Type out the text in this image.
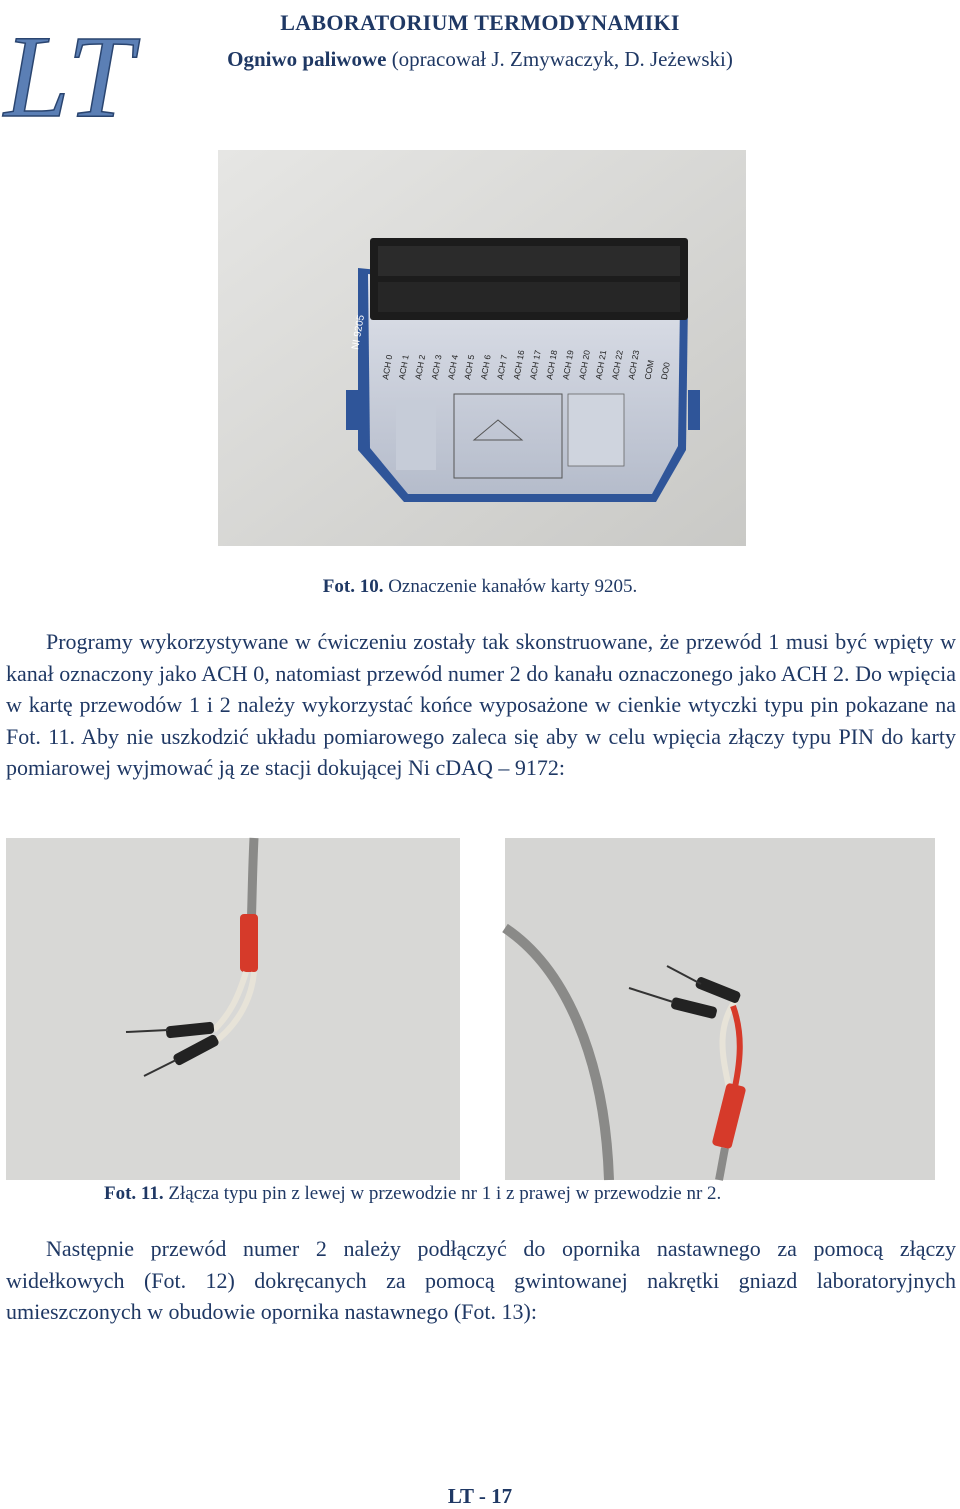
LT	LABORATORIUM TERMODYNAMIKI
Ogniwo paliwowe (opracował J. Zmywaczyk, D. Jeżewski)
ACH 0 ACH 1 ACH 2 ACH 3 ACH 4 ACH 5 ACH 6 ACH 7 ACH 16 ACH 17 ACH 18 ACH 19 ACH 20 ACH 21 ACH 22 ACH 23 COM DO0
NI 9205
Fot. 10. Oznaczenie kanałów karty 9205.

Programy wykorzystywane w ćwiczeniu zostały tak skonstruowane, że przewód 1 musi być wpięty w kanał oznaczony jako ACH 0, natomiast przewód numer 2 do kanału oznaczonego jako ACH 2. Do wpięcia w kartę przewodów 1 i 2 należy wykorzystać końce wyposażone w cienkie wtyczki typu pin pokazane na Fot. 11. Aby nie uszkodzić układu pomiarowego zaleca się aby w celu wpięcia złączy typu PIN do karty pomiarowej wyjmować ją ze stacji dokującej Ni cDAQ – 9172:

Fot. 11. Złącza typu pin z lewej w przewodzie nr 1 i z prawej w przewodzie nr 2.

Następnie przewód numer 2 należy podłączyć do opornika nastawnego za pomocą złączy widełkowych (Fot. 12) dokręcanych za pomocą gwintowanej nakrętki gniazd laboratoryjnych umieszczonych w obudowie opornika nastawnego (Fot. 13):

LT - 17
